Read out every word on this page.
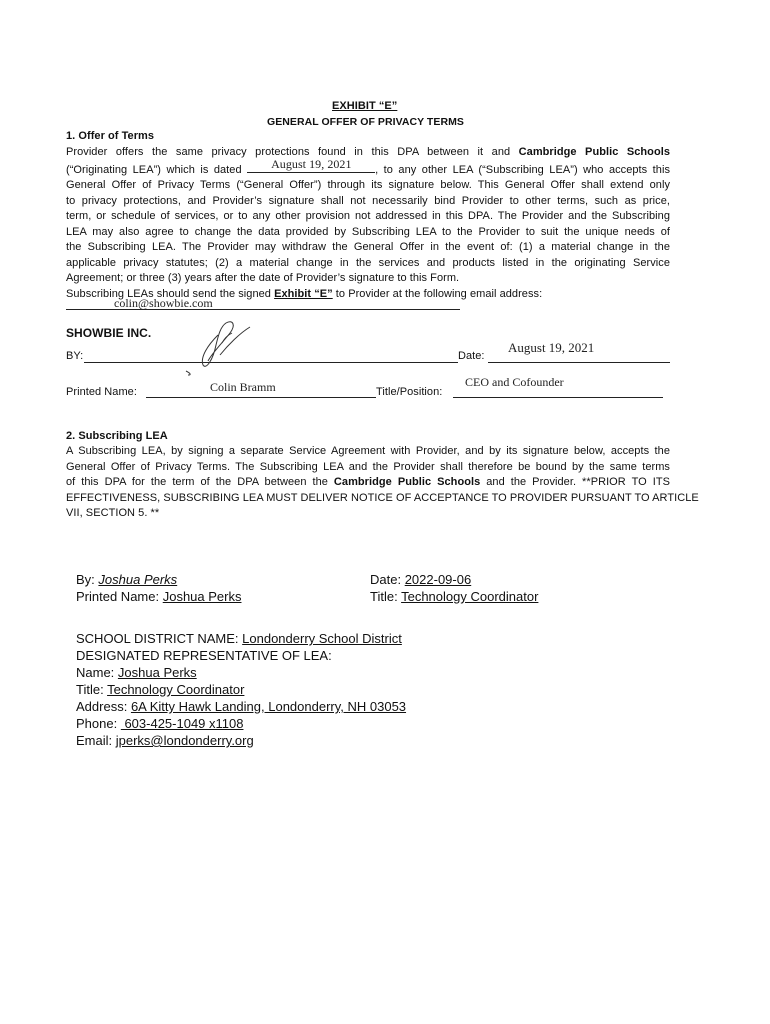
EXHIBIT “E”
GENERAL OFFER OF PRIVACY TERMS
1. Offer of Terms
Provider offers the same privacy protections found in this DPA between it and Cambridge Public Schools
(“Originating LEA”) which is dated August 19, 2021 , to any other LEA (“Subscribing LEA”) who accepts this
General Offer of Privacy Terms (“General Offer”) through its signature below. This General Offer shall extend only
to privacy protections, and Provider’s signature shall not necessarily bind Provider to other terms, such as price,
term, or schedule of services, or to any other provision not addressed in this DPA. The Provider and the Subscribing
LEA may also agree to change the data provided by Subscribing LEA to the Provider to suit the unique needs of
the Subscribing LEA. The Provider may withdraw the General Offer in the event of: (1) a material change in the
applicable privacy statutes; (2) a material change in the services and products listed in the originating Service
Agreement; or three (3) years after the date of Provider’s signature to this Form.
Subscribing LEAs should send the signed Exhibit “E” to Provider at the following email address:
colin@showbie.com
SHOWBIE INC.
BY:	Date:
August 19, 2021
Printed Name:	Colin Bramm	Title/Position:
CEO and Cofounder
2. Subscribing LEA
A Subscribing LEA, by signing a separate Service Agreement with Provider, and by its signature below, accepts the
General Offer of Privacy Terms. The Subscribing LEA and the Provider shall therefore be bound by the same terms
of this DPA for the term of the DPA between the Cambridge Public Schools and the Provider. **PRIOR TO ITS
EFFECTIVENESS, SUBSCRIBING LEA MUST DELIVER NOTICE OF ACCEPTANCE TO PROVIDER PURSUANT TO ARTICLE
VII, SECTION 5. **
By: Joshua Perks	Date: 2022-09-06
Printed Name: Joshua Perks	Title: Technology Coordinator
SCHOOL DISTRICT NAME: Londonderry School District
DESIGNATED REPRESENTATIVE OF LEA:
Name: Joshua Perks
Title: Technology Coordinator
Address: 6A Kitty Hawk Landing, Londonderry, NH 03053
Phone:  603-425-1049 x1108
Email: jperks@londonderry.org
